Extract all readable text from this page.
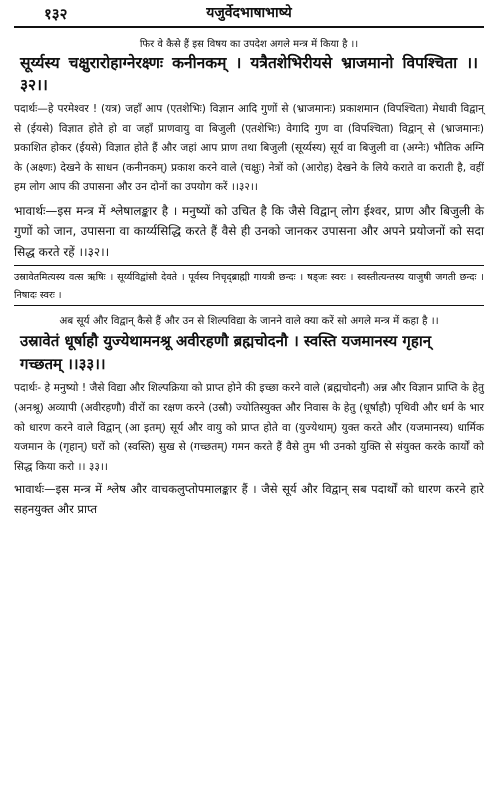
१३२	यजुर्वेदभाषाभाष्ये

फिर वे कैसे हैं इस विषय का उपदेश अगले मन्त्र में किया है ।।

सूर्य्यस्य चक्षुरारोहाग्नेरक्ष्णः कनीनकम् । यत्रैतशेभिरीयसे भ्राजमानो विपश्चिता ।।३२।।

पदार्थः—हे परमेश्वर ! (यत्र) जहाँ आप (एतशेभिः) विज्ञान आदि गुणों से (भ्राजमानः) प्रकाशमान (विपश्चिता) मेधावी विद्वान् से (ईयसे) विज्ञात होते हो वा जहाँ प्राणवायु वा बिजुली (एतशेभिः) वेगादि गुण वा (विपश्चिता) विद्वान् से (भ्राजमानः) प्रकाशित होकर (ईयसे) विज्ञात होते हैं और जहां आप प्राण तथा बिजुली (सूर्य्यस्य) सूर्य वा बिजुली वा (अग्नेः) भौतिक अग्नि के (अक्ष्णः) देखने के साधन (कनीनकम्) प्रकाश करने वाले (चक्षुः) नेत्रों को (आरोह) देखने के लिये कराते वा कराती है, वहीं हम लोग आप की उपासना और उन दोनों का उपयोग करें ।।३२।।

भावार्थः—इस मन्त्र में श्लेषालङ्कार है । मनुष्यों को उचित है कि जैसे विद्वान् लोग ईश्वर, प्राण और बिजुली के गुणों को जान, उपासना वा कार्य्यसिद्धि करते हैं वैसे ही उनको जानकर उपासना और अपने प्रयोजनों को सदा सिद्ध करते रहें ।।३२।।

उस्रावेतमित्यस्य वत्स ऋषिः । सूर्य्यविद्वांसौ देवते । पूर्वस्य निचृद्ब्राह्मी गायत्री छन्दः । षड्जः स्वरः । स्वस्तीत्यन्तस्य याजुषी जगती छन्दः । निषादः स्वरः ।

अब सूर्य और विद्वान् कैसे हैं और उन से शिल्पविद्या के जानने वाले क्या करें सो अगले मन्त्र में कहा है ।।

उस्रावेतं धूर्षाहौ युज्येथामनश्रू अवीरहणौ ब्रह्मचोदनौ । स्वस्ति यजमानस्य गृहान् गच्छतम् ।।३३।।

पदार्थः- हे मनुष्यो ! जैसे विद्या और शिल्पक्रिया को प्राप्त होने की इच्छा करने वाले (ब्रह्मचोदनौ) अन्न और विज्ञान प्राप्ति के हेतु (अनश्रू) अव्यापी (अवीरहणौ) वीरों का रक्षण करने (उस्रौ) ज्योतिस्युक्त और निवास के हेतु (धूर्षाहौ) पृथिवी और धर्म के भार को धारण करने वाले विद्वान् (आ इतम्) सूर्य और वायु को प्राप्त होते वा (युज्येथाम्) युक्त करते और (यजमानस्य) धार्मिक यजमान के (गृहान्) घरों को (स्वस्ति) सुख से (गच्छतम्) गमन करते हैं वैसे तुम भी उनको युक्ति से संयुक्त करके कार्यों को सिद्ध किया करो ।। ३३।।

भावार्थः—इस मन्त्र में श्लेष और वाचकलुप्तोपमालङ्कार हैं । जैसे सूर्य और विद्वान् सब पदार्थों को धारण करने हारे सहनयुक्त और प्राप्त
